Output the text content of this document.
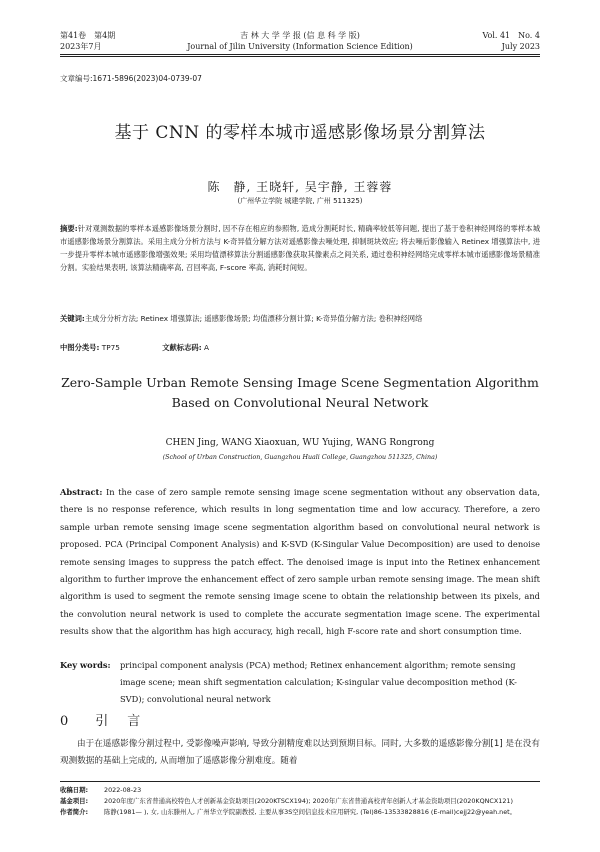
第41卷　第4期
2023年7月
吉 林 大 学 学 报 (信 息 科 学 版)
Journal of Jilin University (Information Science Edition)
Vol. 41　No. 4
July 2023
文章编号:1671-5896(2023)04-0739-07
基于 CNN 的零样本城市遥感影像场景分割算法
陈　静, 王晓轩, 吴宇静, 王蓉蓉
(广州华立学院 城建学院, 广州 511325)
摘要:针对观测数据的零样本遥感影像场景分割时, 因不存在相应的参照物, 造成分割耗时长, 精确率较低等问题, 提出了基于卷积神经网络的零样本城市遥感影像场景分割算法。采用主成分分析方法与 K-奇异值分解方法对遥感影像去噪处理, 抑制斑块效应; 将去噪后影像输入 Retinex 增强算法中, 进一步提升零样本城市遥感影像增强效果; 采用均值漂移算法分割遥感影像获取其像素点之间关系, 通过卷积神经网络完成零样本城市遥感影像场景精准分割。实验结果表明, 该算法精确率高, 召回率高, F-score 率高, 消耗时间短。
关键词:主成分分析方法; Retinex 增强算法; 遥感影像场景; 均值漂移分割计算; K-奇异值分解方法; 卷积神经网络
中图分类号: TP75	文献标志码: A
Zero-Sample Urban Remote Sensing Image Scene Segmentation Algorithm
Based on Convolutional Neural Network
CHEN Jing, WANG Xiaoxuan, WU Yujing, WANG Rongrong
(School of Urban Construction, Guangzhou Huali College, Guangzhou 511325, China)
Abstract: In the case of zero sample remote sensing image scene segmentation without any observation data, there is no response reference, which results in long segmentation time and low accuracy. Therefore, a zero sample urban remote sensing image scene segmentation algorithm based on convolutional neural network is proposed. PCA (Principal Component Analysis) and K-SVD (K-Singular Value Decomposition) are used to denoise remote sensing images to suppress the patch effect. The denoised image is input into the Retinex enhancement algorithm to further improve the enhancement effect of zero sample urban remote sensing image. The mean shift algorithm is used to segment the remote sensing image scene to obtain the relationship between its pixels, and the convolution neural network is used to complete the accurate segmentation image scene. The experimental results show that the algorithm has high accuracy, high recall, high F-score rate and short consumption time.
Key words: principal component analysis (PCA) method; Retinex enhancement algorithm; remote sensing image scene; mean shift segmentation calculation; K-singular value decomposition method (K-SVD); convolutional neural network
0 引　言
由于在遥感影像分割过程中, 受影像噪声影响, 导致分割精度难以达到预期目标。同时, 大多数的遥感影像分割[1] 是在没有观测数据的基础上完成的, 从而增加了遥感影像分割难度。随着
收稿日期:	2022-08-23
基金项目:	2020年度广东省普通高校特色人才创新基金资助项目(2020KTSCX194); 2020年广东省普通高校青年创新人才基金资助项目(2020KQNCX121)
作者简介:	陈静(1981— ), 女, 山东滕州人, 广州华立学院副教授, 主要从事3S空间信息技术应用研究, (Tel)86-13533828816 (E-mail)cejj22@yeah.net。
